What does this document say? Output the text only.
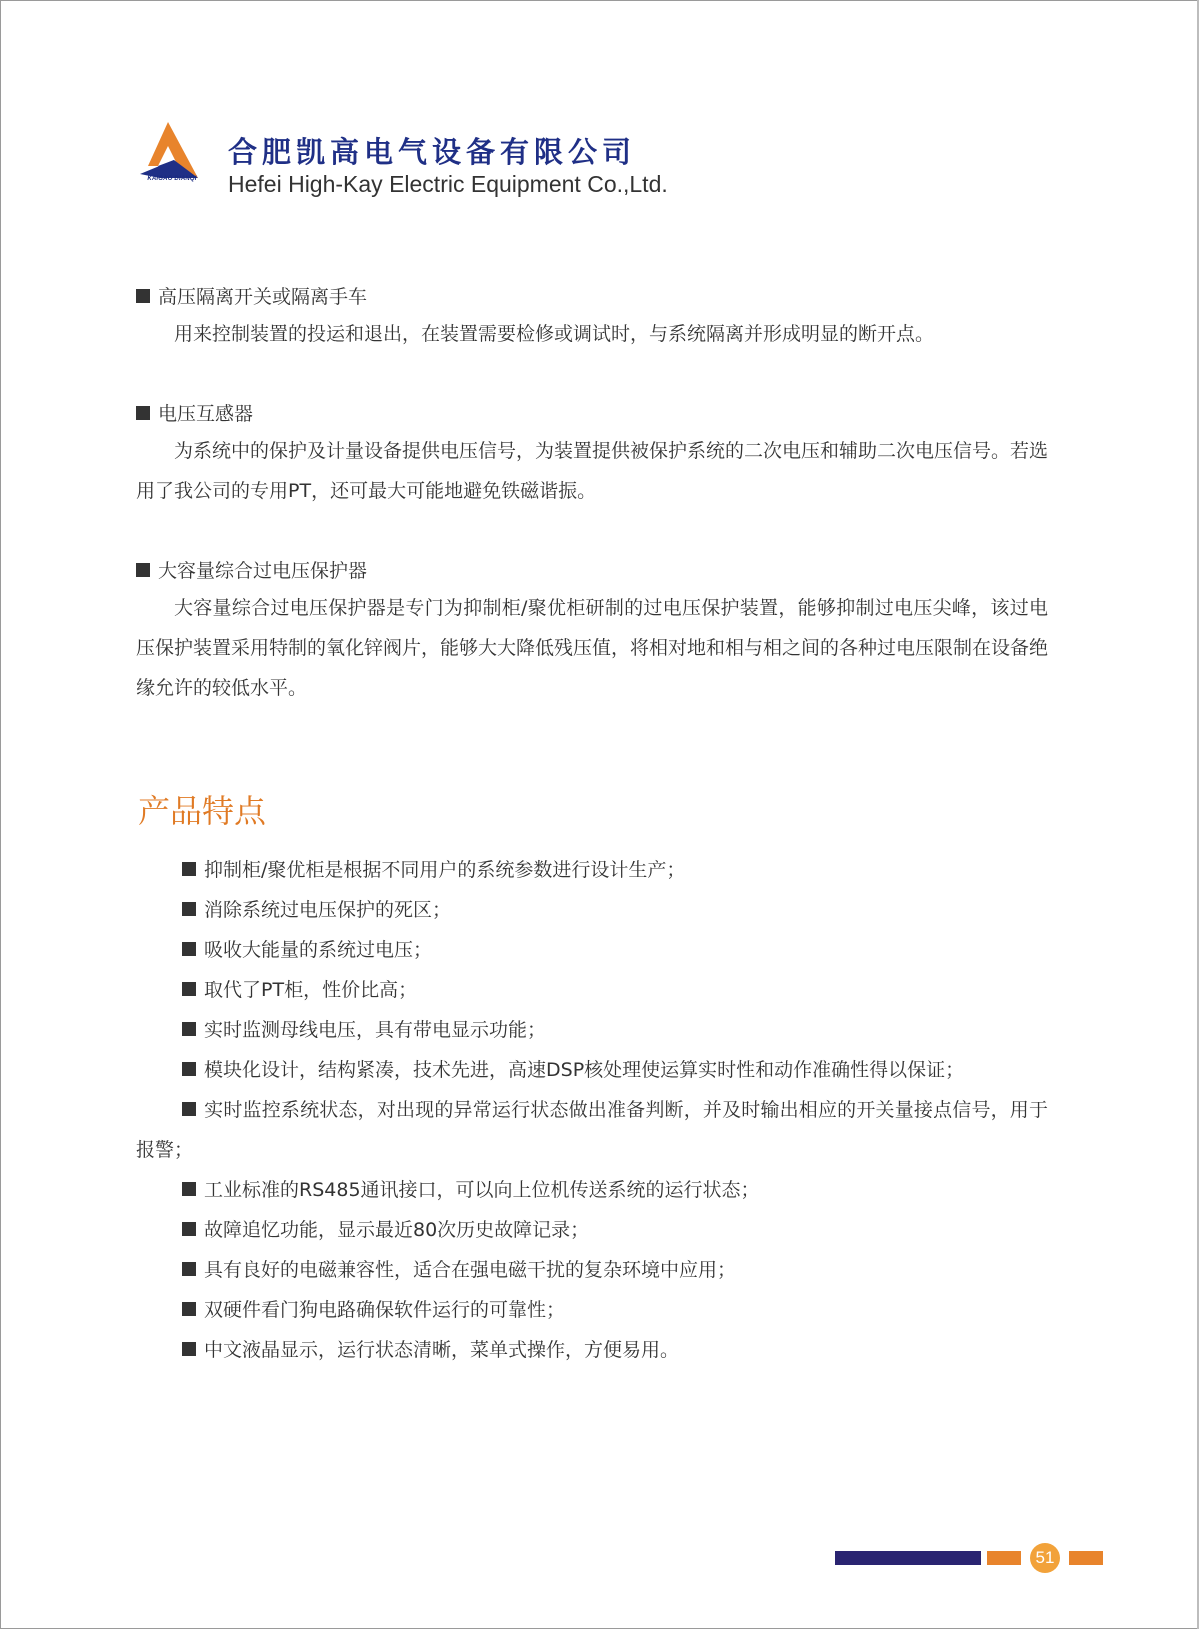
KAIGAO DIANQI
合肥凯高电气设备有限公司
Hefei High-Kay Electric Equipment Co.,Ltd.
高压隔离开关或隔离手车
用来控制装置的投运和退出，在装置需要检修或调试时，与系统隔离并形成明显的断开点。
电压互感器
为系统中的保护及计量设备提供电压信号，为装置提供被保护系统的二次电压和辅助二次电压信号。若选用了我公司的专用PT，还可最大可能地避免铁磁谐振。
大容量综合过电压保护器
大容量综合过电压保护器是专门为抑制柜/聚优柜研制的过电压保护装置，能够抑制过电压尖峰，该过电压保护装置采用特制的氧化锌阀片，能够大大降低残压值，将相对地和相与相之间的各种过电压限制在设备绝缘允许的较低水平。
产品特点
抑制柜/聚优柜是根据不同用户的系统参数进行设计生产；
消除系统过电压保护的死区；
吸收大能量的系统过电压；
取代了PT柜，性价比高；
实时监测母线电压，具有带电显示功能；
模块化设计，结构紧凑，技术先进，高速DSP核处理使运算实时性和动作准确性得以保证；
实时监控系统状态，对出现的异常运行状态做出准备判断，并及时输出相应的开关量接点信号，用于报警；
工业标准的RS485通讯接口，可以向上位机传送系统的运行状态；
故障追忆功能，显示最近80次历史故障记录；
具有良好的电磁兼容性，适合在强电磁干扰的复杂环境中应用；
双硬件看门狗电路确保软件运行的可靠性；
中文液晶显示，运行状态清晰，菜单式操作，方便易用。
51
